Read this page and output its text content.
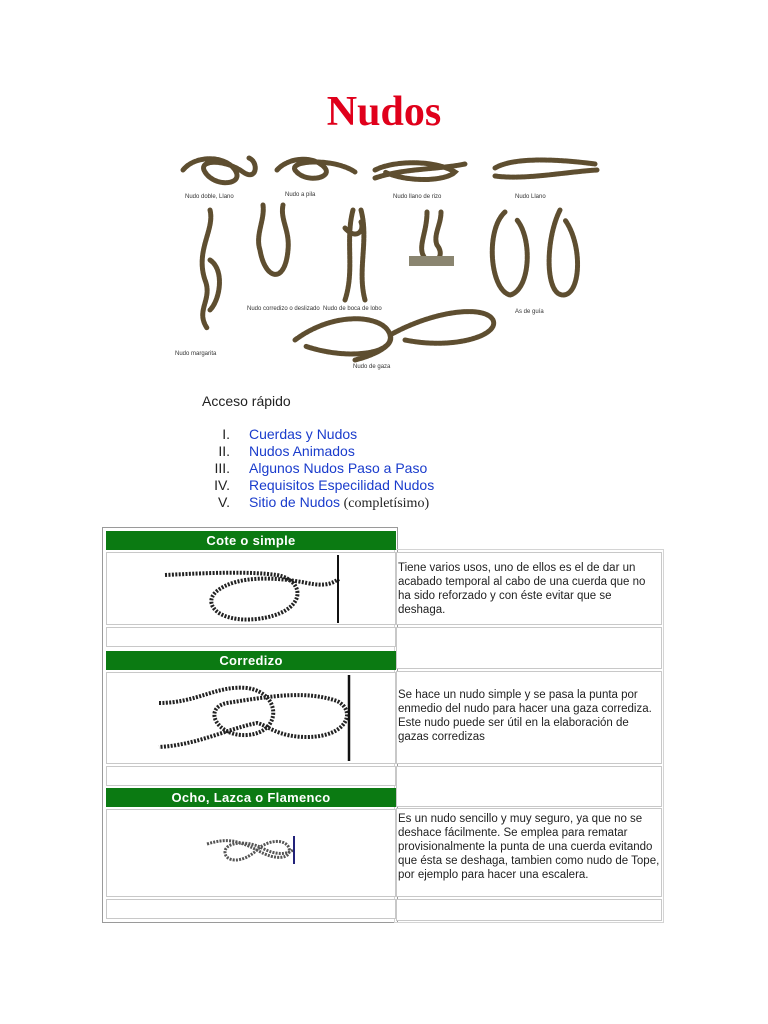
Nudos
Nudo doble, Llano	Nudo a pila	Nudo llano de rizo	Nudo Llano
Nudo corredizo o deslizado Nudo de boca de lobo	As de guía
Nudo margarita
Nudo de gaza
Acceso rápido
I. Cuerdas y Nudos
II. Nudos Animados
III. Algunos Nudos Paso a Paso
IV. Requisitos Especilidad Nudos
V. Sitio de Nudos (completísimo)
Cote o simple
Tiene varios usos, uno de ellos es el de dar un acabado temporal al cabo de una cuerda que no ha sido reforzado y con éste evitar que se deshaga.
Corredizo
Se hace un nudo simple y se pasa la punta por enmedio del nudo para hacer una gaza corrediza. Este nudo puede ser útil en la elaboración de gazas corredizas
Ocho, Lazca o Flamenco
Es un nudo sencillo y muy seguro, ya que no se deshace fácilmente. Se emplea para rematar provisionalmente la punta de una cuerda evitando que ésta se deshaga, tambien como nudo de Tope, por ejemplo para hacer una escalera.
